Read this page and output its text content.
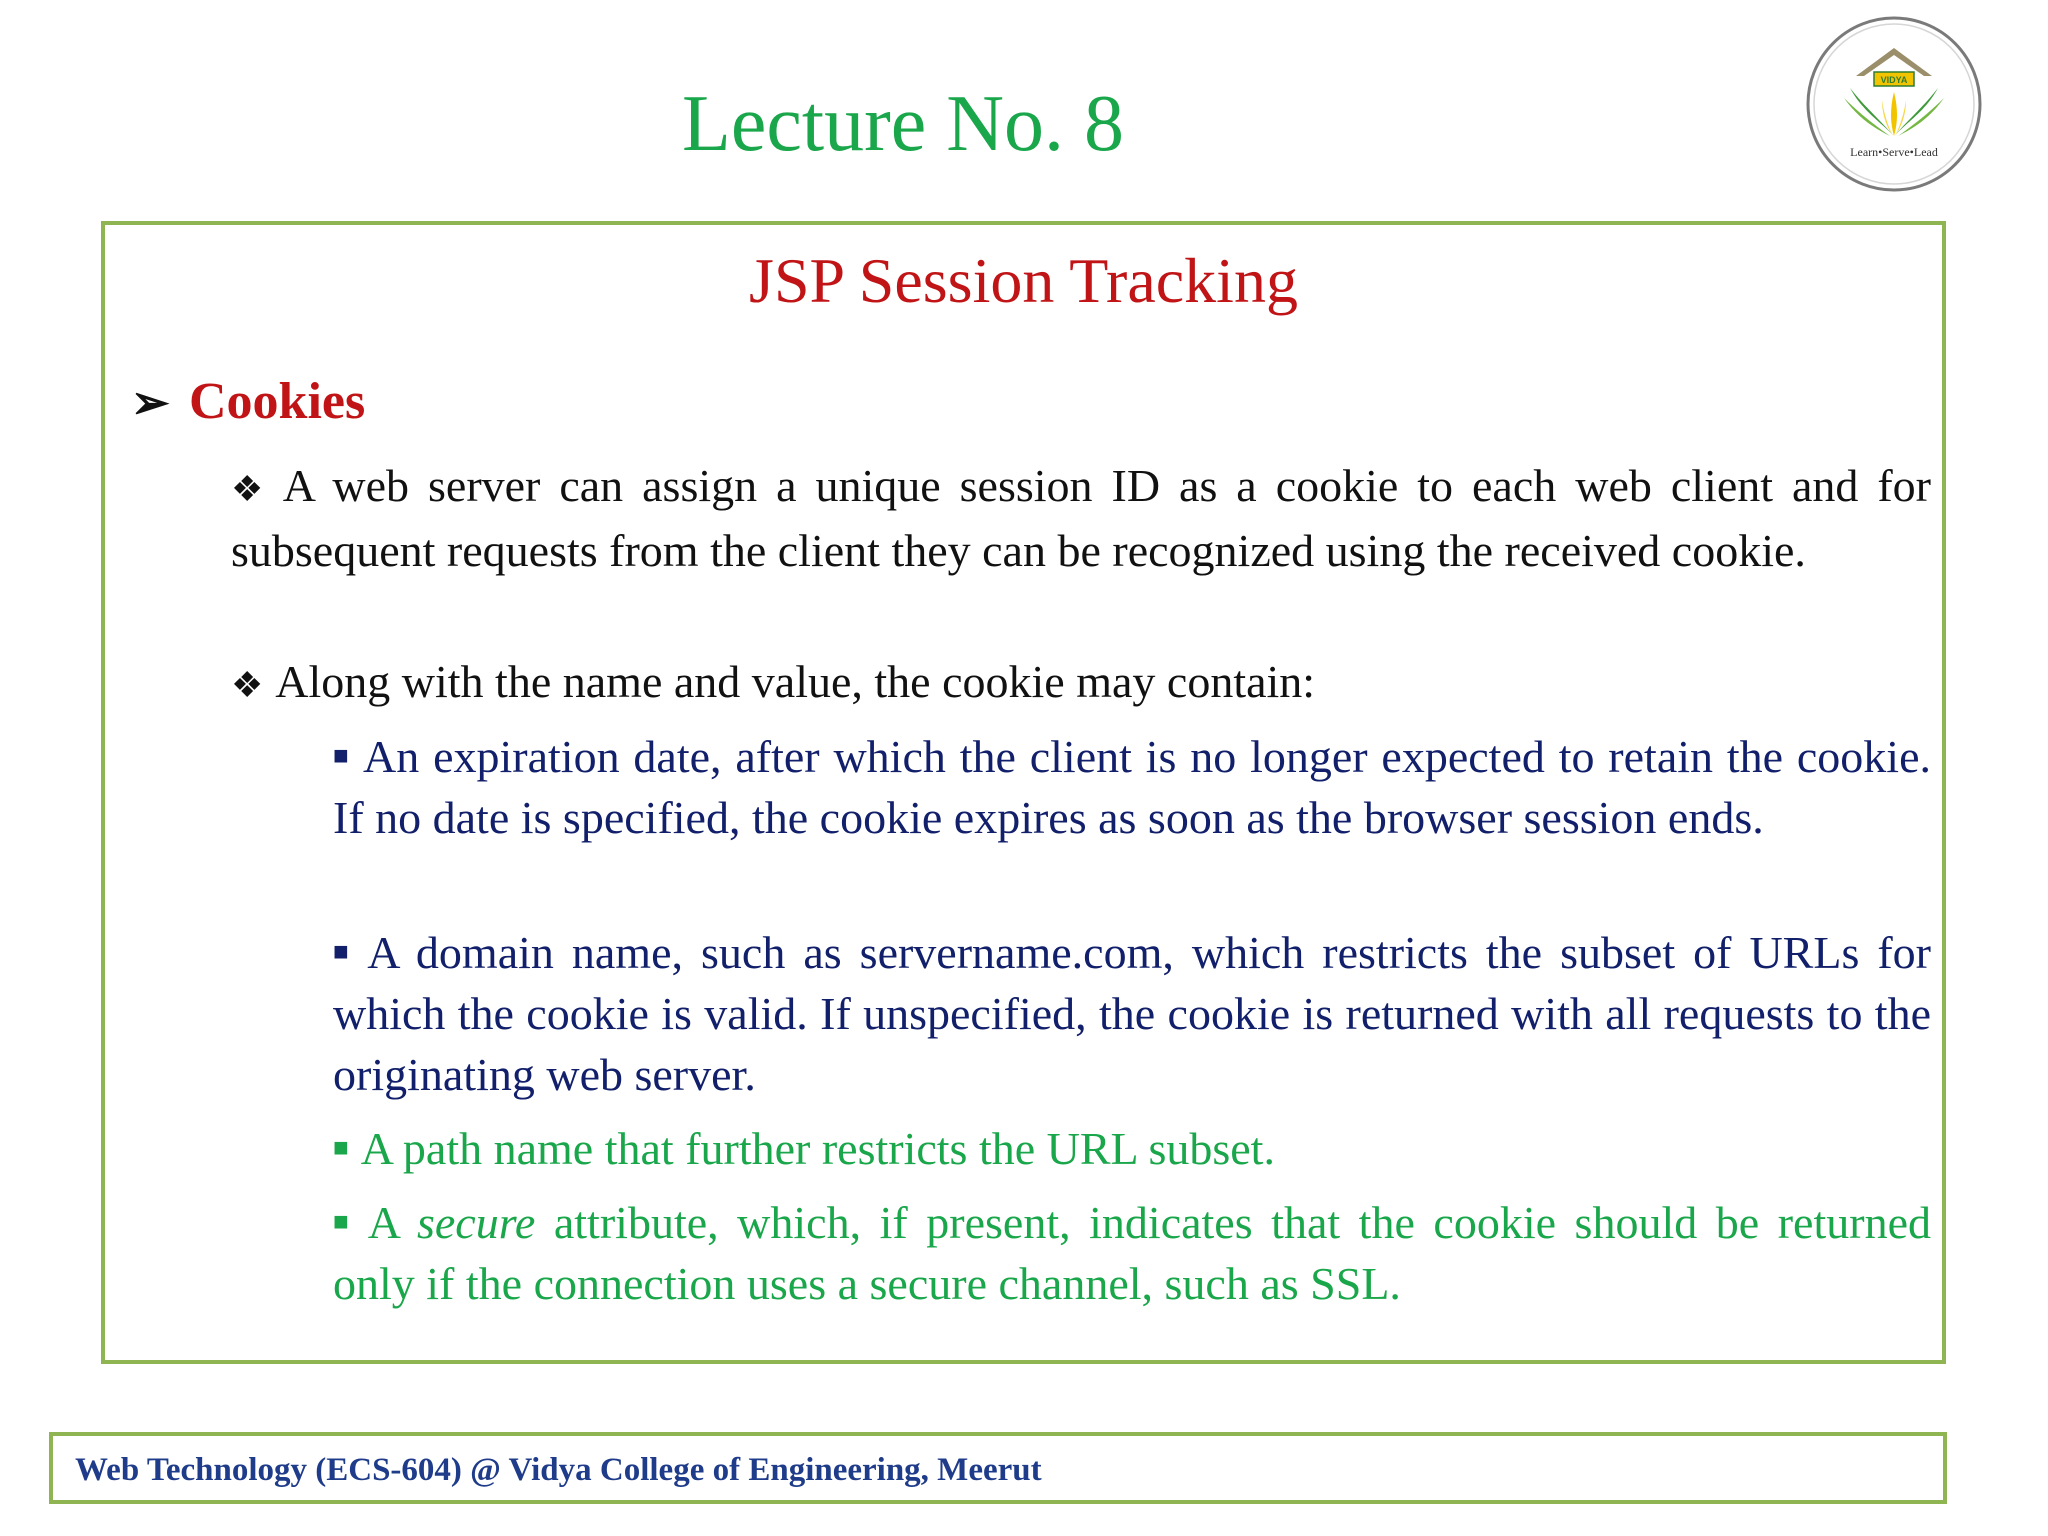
Lecture No. 8	VIDYA
Learn•Serve•Lead
JSP Session Tracking
➢ Cookies
❖ A web server can assign a unique session ID as a cookie to each web client and for subsequent requests from the client they can be recognized using the received cookie.
❖ Along with the name and value, the cookie may contain:
■ An expiration date, after which the client is no longer expected to retain the cookie. If no date is specified, the cookie expires as soon as the browser session ends.
■ A domain name, such as servername.com, which restricts the subset of URLs for which the cookie is valid. If unspecified, the cookie is returned with all requests to the originating web server.
■ A path name that further restricts the URL subset.
■ A secure attribute, which, if present, indicates that the cookie should be returned only if the connection uses a secure channel, such as SSL.
Web Technology (ECS-604) @ Vidya College of Engineering, Meerut
